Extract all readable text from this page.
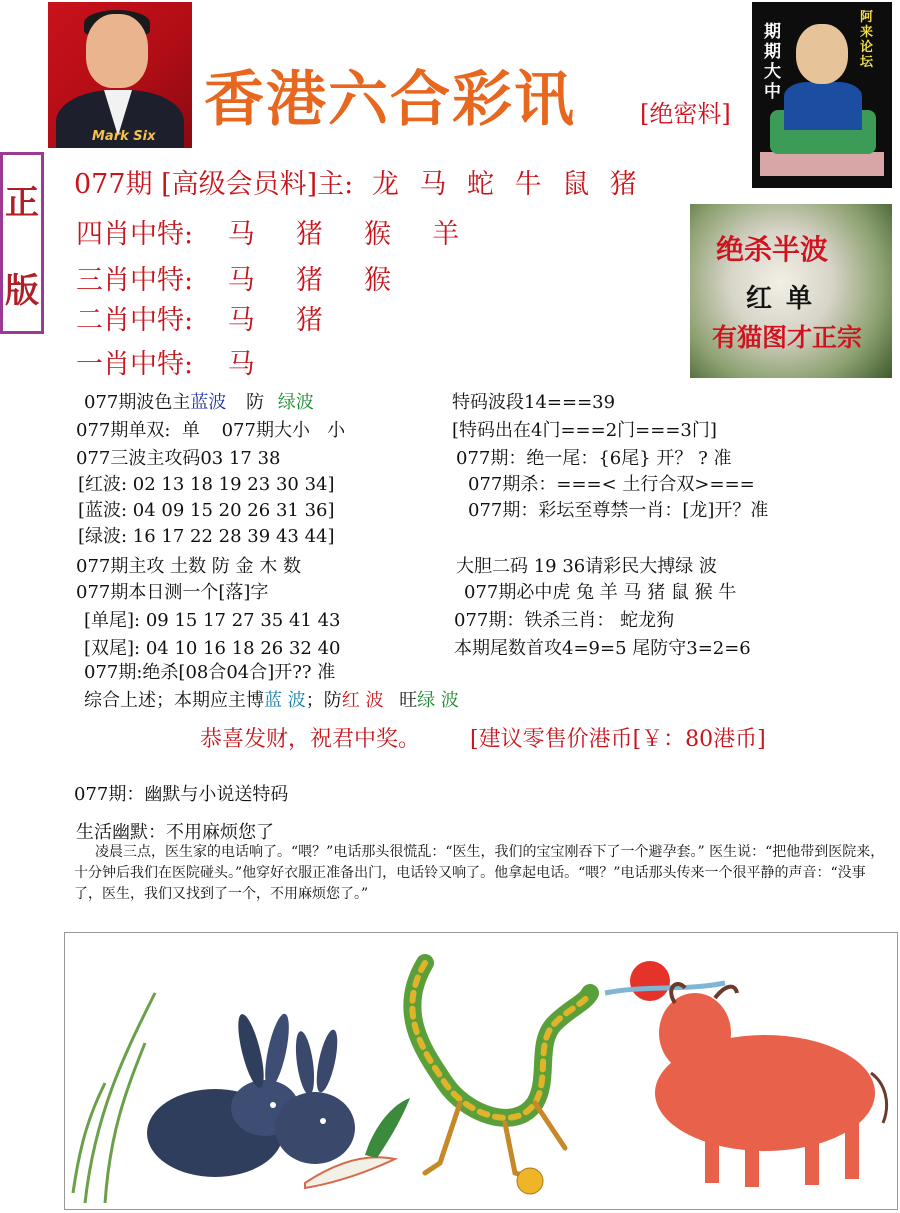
Mark Six
香港六合彩讯	[绝密料]
期期大中
阿来论坛
正
版
绝杀半波
红单
有猫图才正宗
077期 [高级会员料]主: 龙 马 蛇 牛 鼠 猪
四肖中特: 马  猪  猴  羊
三肖中特: 马  猪  猴
二肖中特: 马  猪
一肖中特: 马
077期波色主蓝波 防 绿波
077期单双:  单 077期大小   小
077三波主攻码03 17 38
[红波: 02 13 18 19 23 30 34]
[蓝波: 04 09 15 20 26 31 36]
[绿波: 16 17 22 28 39 43 44]
077期主攻 土数 防 金 木 数
077期本日测一个[落]字
[单尾]: 09 15 17 27 35 41 43
[双尾]: 04 10 16 18 26 32 40
077期:绝杀[08合04合]开?? 准
综合上述；本期应主博蓝 波；防红 波 旺绿 波
特码波段14===39
[特码出在4门===2门===3门]
077期：绝一尾：{6尾} 开？ ? 准
077期杀：===< 土行合双>===
077期：彩坛至尊禁一肖：[龙]开？准
大胆二码 19 36请彩民大搏绿 波
077期必中虎 兔 羊 马 猪 鼠 猴 牛
077期：铁杀三肖： 蛇龙狗
本期尾数首攻4=9=5 尾防守3=2=6
恭喜发财，祝君中奖。 [建议零售价港币[￥：80港币]
077期：幽默与小说送特码
生活幽默：不用麻烦您了
凌晨三点，医生家的电话响了。“喂？”电话那头很慌乱：“医生，我们的宝宝刚吞下了一个避孕套。” 医生说：“把他带到医院来，十分钟后我们在医院碰头。”他穿好衣服正准备出门，电话铃又响了。他拿起电话。“喂？”电话那头传来一个很平静的声音：“没事了，医生，我们又找到了一个，不用麻烦您了。”
